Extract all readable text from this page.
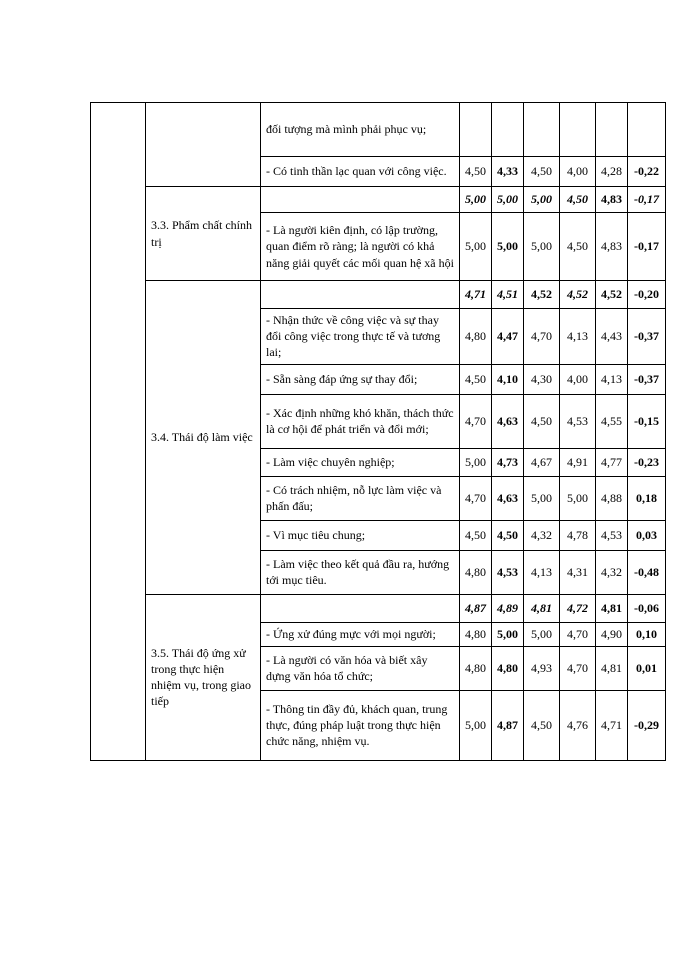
		đối tượng mà mình phải phục vụ;						
		- Có tinh thần lạc quan với công việc.	4,50	4,33	4,50	4,00	4,28	-0,22
	3.3. Phẩm chất chính trị		5,00	5,00	5,00	4,50	4,83	-0,17
		- Là người kiên định, có lập trường, quan điểm rõ ràng; là người có khả năng giải quyết các mối quan hệ xã hội	5,00	5,00	5,00	4,50	4,83	-0,17
	3.4. Thái độ làm việc		4,71	4,51	4,52	4,52	4,52	-0,20
		- Nhận thức về công việc và sự thay đổi công việc trong thực tế và tương lai;	4,80	4,47	4,70	4,13	4,43	-0,37
		- Sẵn sàng đáp ứng sự thay đổi;	4,50	4,10	4,30	4,00	4,13	-0,37
		- Xác định những khó khăn, thách thức là cơ hội để phát triển và đổi mới;	4,70	4,63	4,50	4,53	4,55	-0,15
		- Làm việc chuyên nghiệp;	5,00	4,73	4,67	4,91	4,77	-0,23
		- Có trách nhiệm, nỗ lực làm việc và phấn đấu;	4,70	4,63	5,00	5,00	4,88	0,18
		- Vì mục tiêu chung;	4,50	4,50	4,32	4,78	4,53	0,03
		- Làm việc theo kết quả đầu ra, hướng tới mục tiêu.	4,80	4,53	4,13	4,31	4,32	-0,48
	3.5. Thái độ ứng xử trong thực hiện nhiệm vụ, trong giao tiếp		4,87	4,89	4,81	4,72	4,81	-0,06
		- Ứng xử đúng mực với mọi người;	4,80	5,00	5,00	4,70	4,90	0,10
		- Là người có văn hóa và biết xây dựng văn hóa tổ chức;	4,80	4,80	4,93	4,70	4,81	0,01
		- Thông tin đầy đủ, khách quan, trung thực, đúng pháp luật trong thực hiện chức năng, nhiệm vụ.	5,00	4,87	4,50	4,76	4,71	-0,29
